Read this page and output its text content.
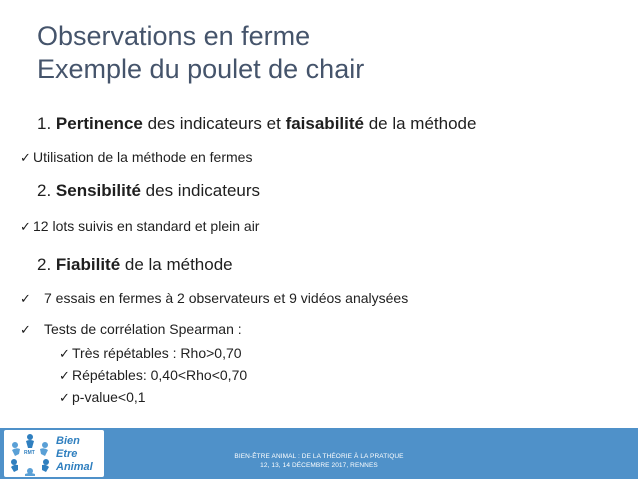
Observations en ferme
Exemple du poulet de chair
1. Pertinence des indicateurs et faisabilité de la méthode
✓ Utilisation de la méthode en fermes
2. Sensibilité des indicateurs
✓ 12 lots suivis en standard et plein air
2. Fiabilité de la méthode
✓ 7 essais en fermes à 2 observateurs et 9 vidéos analysées
✓ Tests de corrélation Spearman :
✓ Très répétables : Rho>0,70
✓ Répétables: 0,40<Rho<0,70
✓ p-value<0,1
BIEN-ÊTRE ANIMAL : DE LA THÉORIE À LA PRATIQUE
12, 13, 14 DÉCEMBRE 2017, RENNES
RMT
Bien
Etre
Animal
